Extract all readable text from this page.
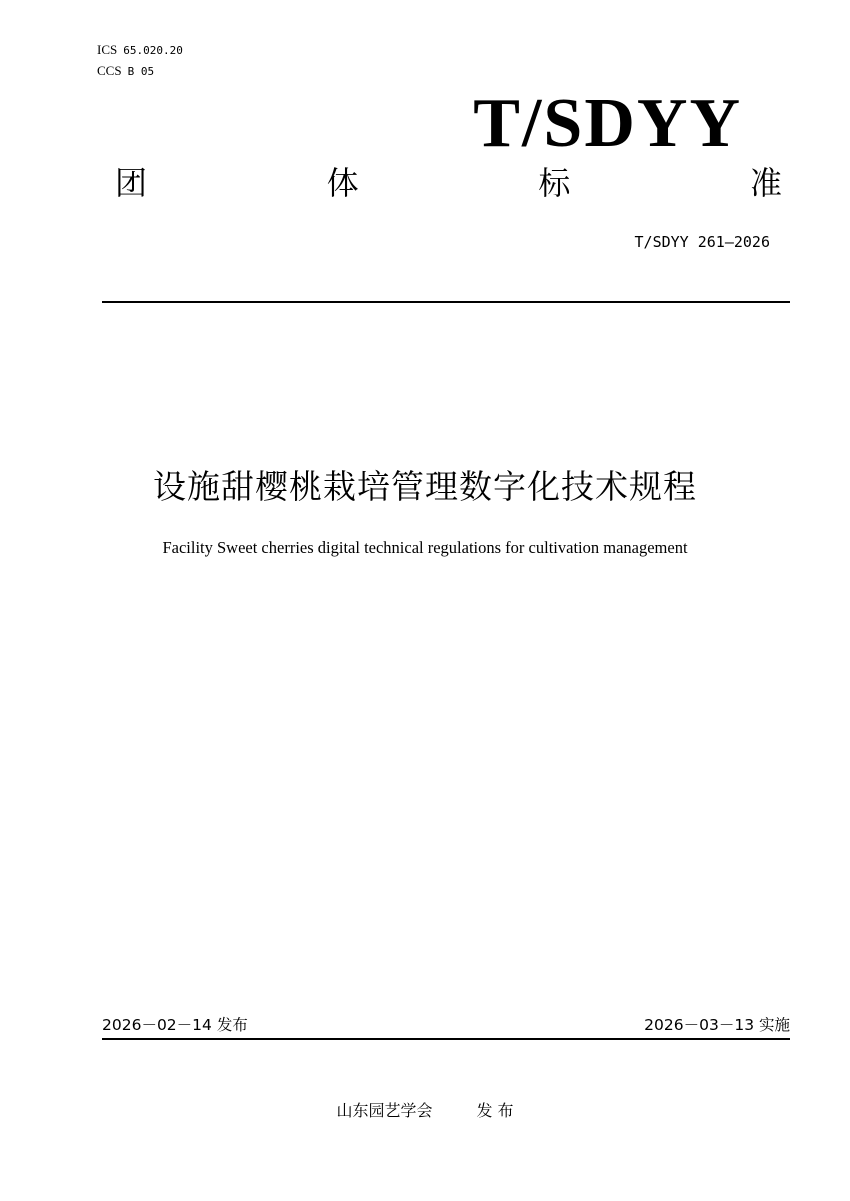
ICS 65.020.20
CCS B 05
T/SDYY
团	体	标	准
T/SDYY 261—2026
设施甜樱桃栽培管理数字化技术规程
Facility Sweet cherries digital technical regulations for cultivation management
2026－02－14 发布	2026－03－13 实施
山东园艺学会	发 布
